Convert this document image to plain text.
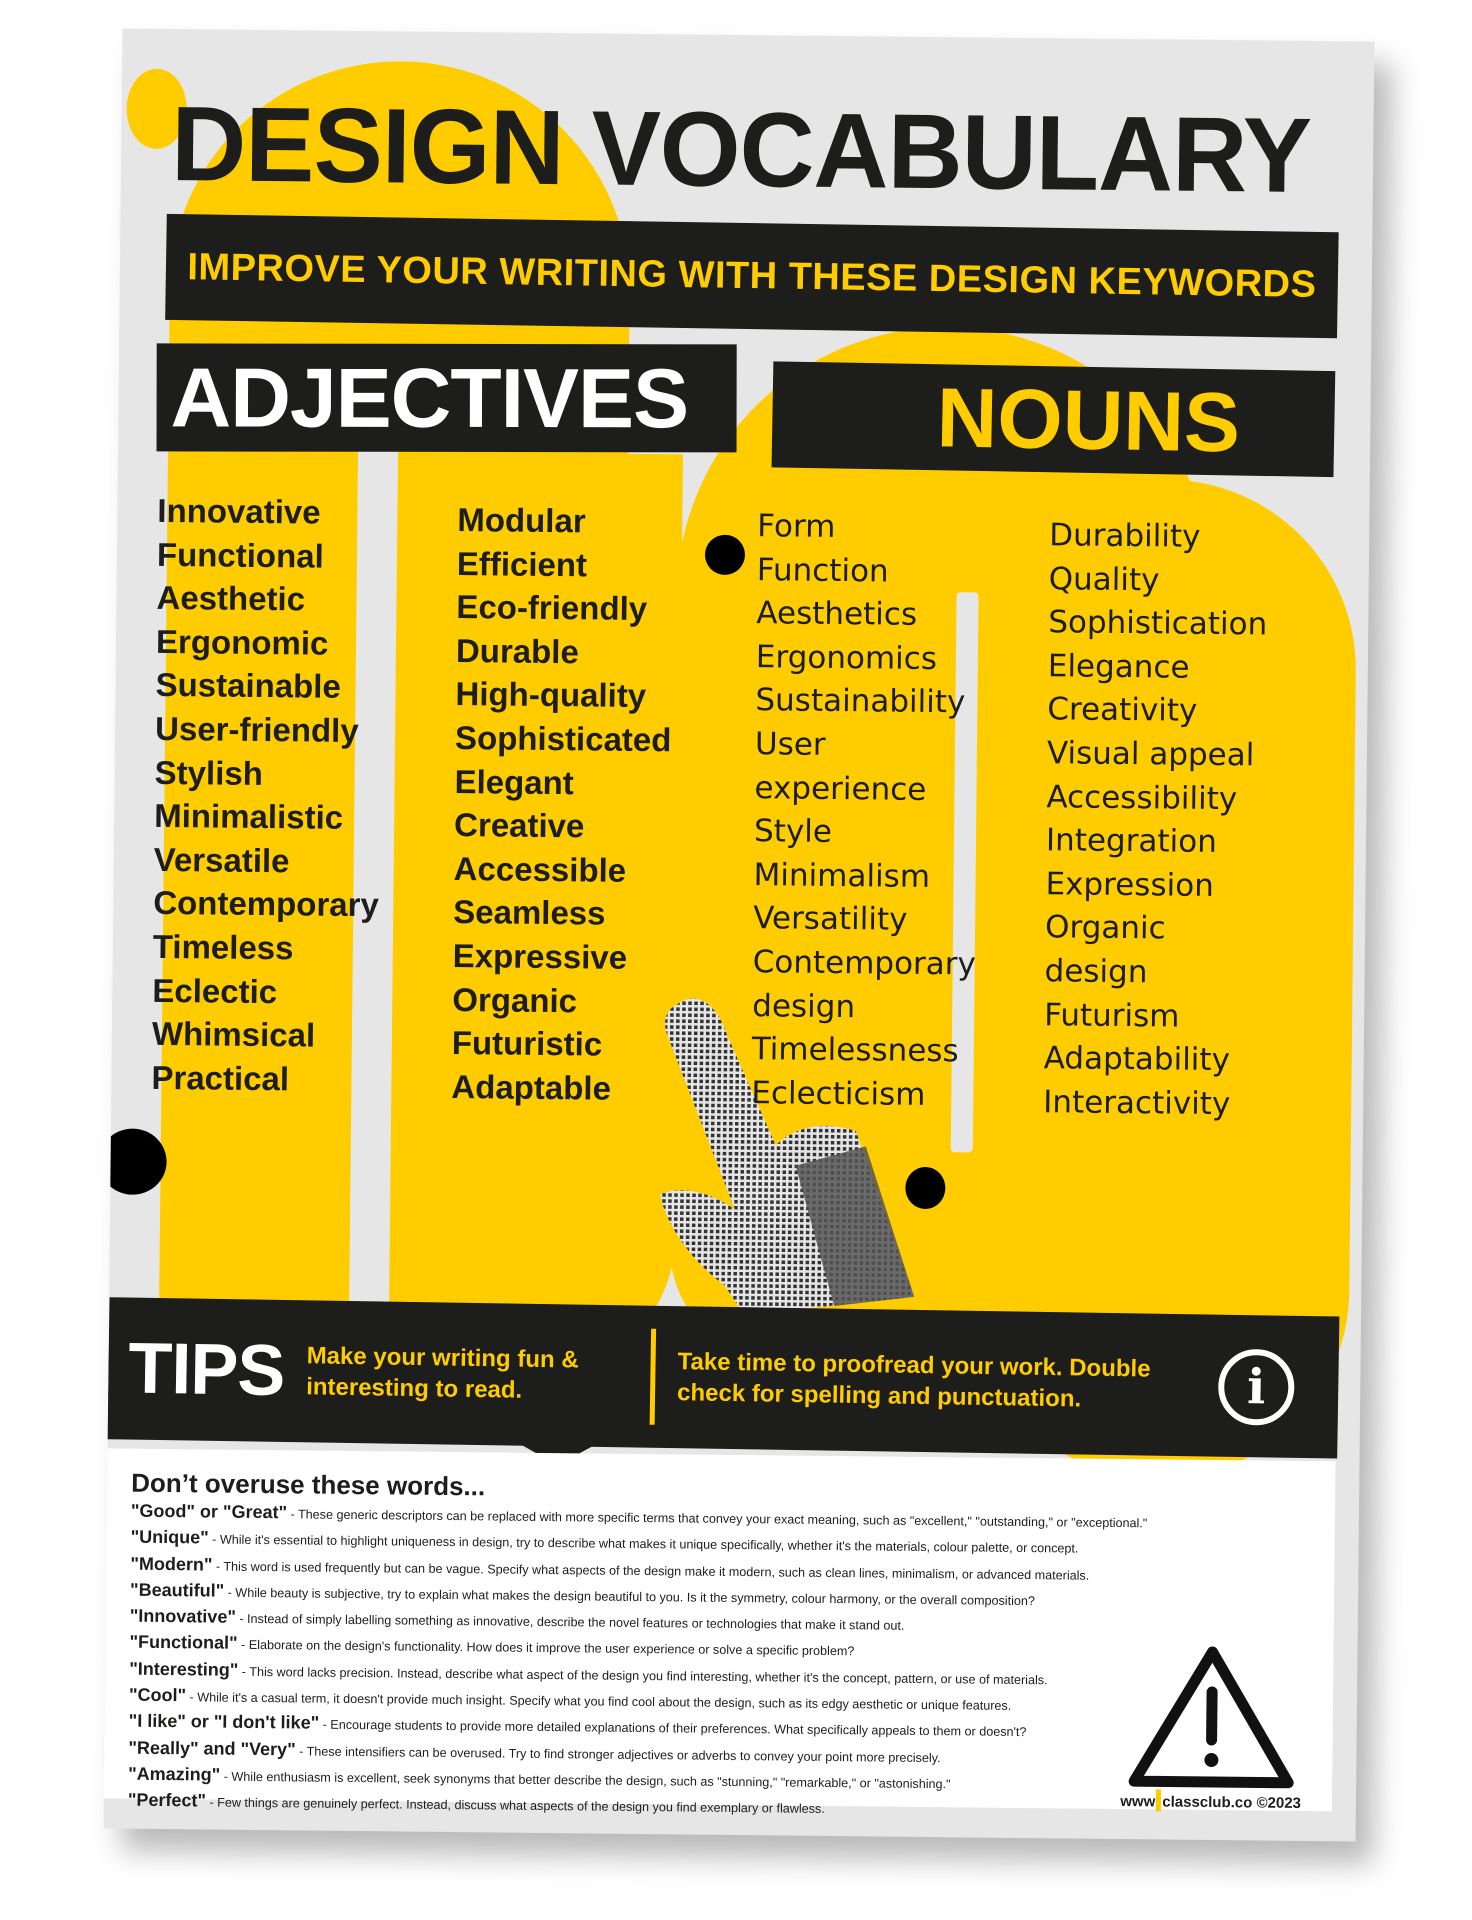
DESIGN VOCABULARY
IMPROVE YOUR WRITING WITH THESE DESIGN KEYWORDS
ADJECTIVES	NOUNS
Innovative
Functional
Aesthetic
Ergonomic
Sustainable
User-friendly
Stylish
Minimalistic
Versatile
Contemporary
Timeless
Eclectic
Whimsical
Practical
Modular
Efficient
Eco-friendly
Durable
High-quality
Sophisticated
Elegant
Creative
Accessible
Seamless
Expressive
Organic
Futuristic
Adaptable
Form
Function
Aesthetics
Ergonomics
Sustainability
User
experience
Style
Minimalism
Versatility
Contemporary
design
Timelessness
Eclecticism
Durability
Quality
Sophistication
Elegance
Creativity
Visual appeal
Accessibility
Integration
Expression
Organic
design
Futurism
Adaptability
Interactivity
TIPS Make your writing fun & interesting to read.
Take time to proofread your work. Double check for spelling and punctuation.	i
Don’t overuse these words...
"Good" or "Great" - These generic descriptors can be replaced with more specific terms that convey your exact meaning, such as "excellent," "outstanding," or "exceptional."
"Unique" - While it's essential to highlight uniqueness in design, try to describe what makes it unique specifically, whether it's the materials, colour palette, or concept.
"Modern" - This word is used frequently but can be vague. Specify what aspects of the design make it modern, such as clean lines, minimalism, or advanced materials.
"Beautiful" - While beauty is subjective, try to explain what makes the design beautiful to you. Is it the symmetry, colour harmony, or the overall composition?
"Innovative" - Instead of simply labelling something as innovative, describe the novel features or technologies that make it stand out.
"Functional" - Elaborate on the design's functionality. How does it improve the user experience or solve a specific problem?
"Interesting" - This word lacks precision. Instead, describe what aspect of the design you find interesting, whether it's the concept, pattern, or use of materials.
"Cool" - While it's a casual term, it doesn't provide much insight. Specify what you find cool about the design, such as its edgy aesthetic or unique features.
"I like" or "I don't like" - Encourage students to provide more detailed explanations of their preferences. What specifically appeals to them or doesn't?
"Really" and "Very" - These intensifiers can be overused. Try to find stronger adjectives or adverbs to convey your point more precisely.
"Amazing" - While enthusiasm is excellent, seek synonyms that better describe the design, such as "stunning," "remarkable," or "astonishing."
"Perfect" - Few things are genuinely perfect. Instead, discuss what aspects of the design you find exemplary or flawless.	www classclub.co ©2023
